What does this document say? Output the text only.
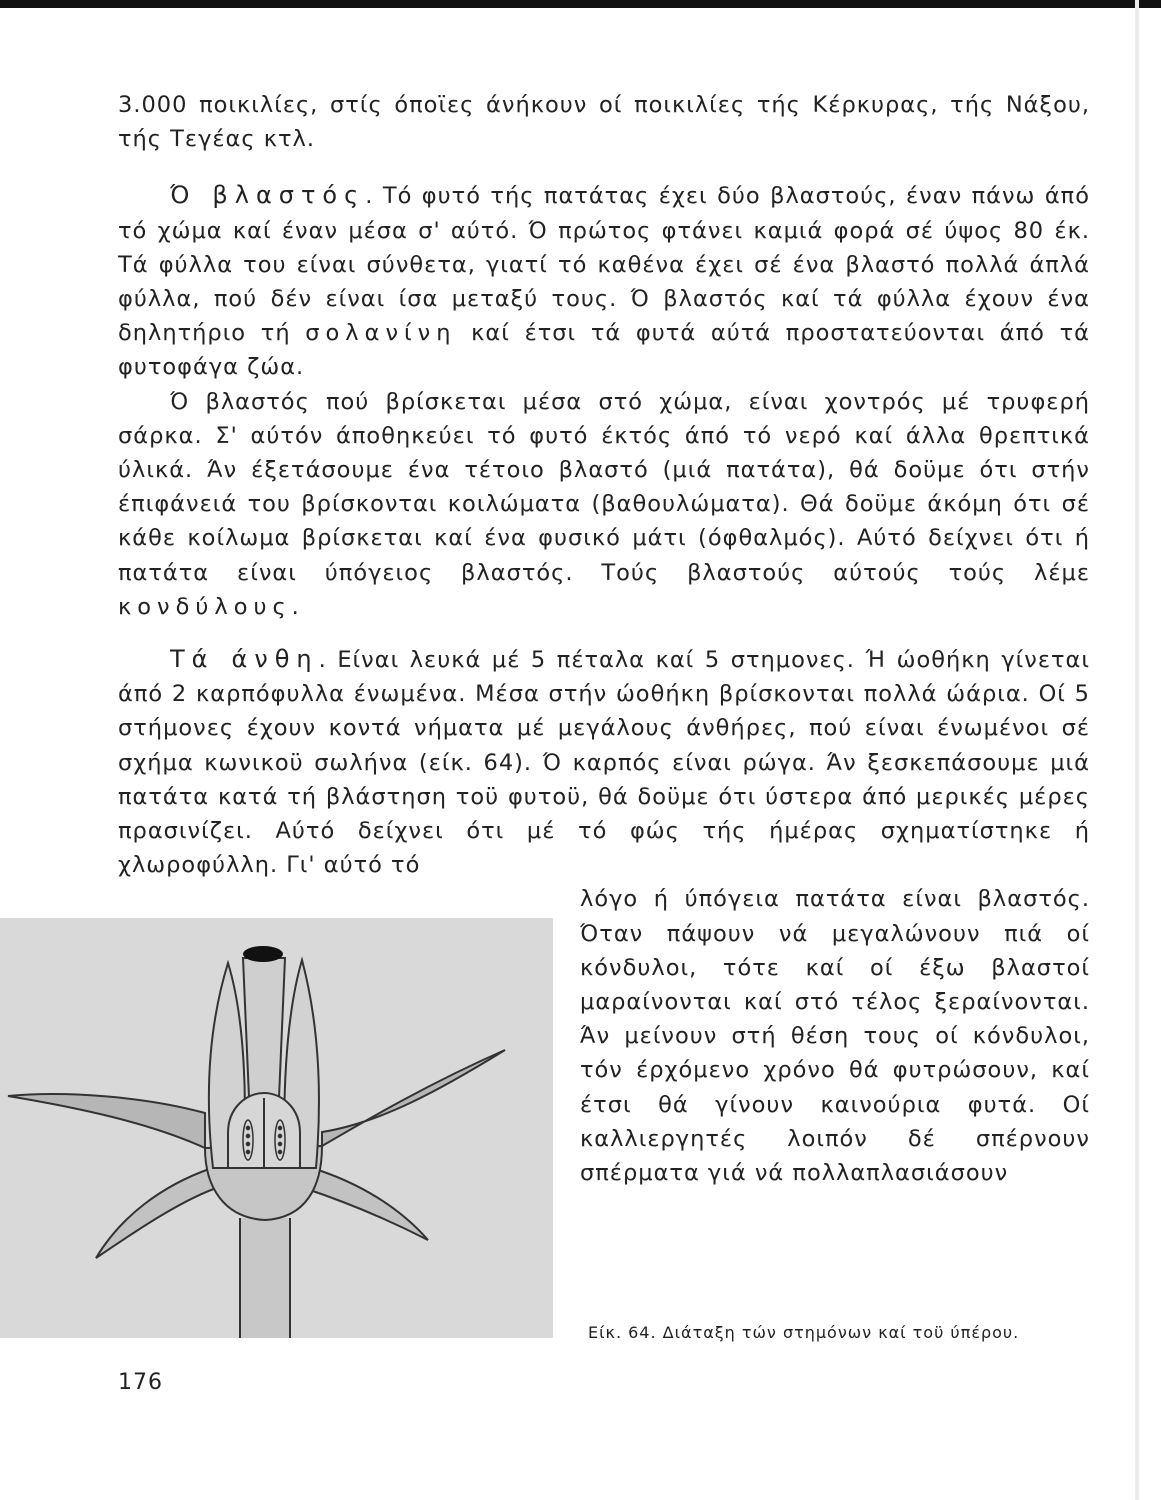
3.000 ποικιλίες, στίς όποϊες άνήκουν οί ποικιλίες τής Κέρκυρας, τής Νάξου, τής Τεγέας κτλ.

Ό βλαστός. Τό φυτό τής πατάτας έχει δύο βλαστούς, έναν πάνω άπό τό χώμα καί έναν μέσα σ' αύτό. Ό πρώτος φτάνει καμιά φορά σέ ύψος 80 έκ. Τά φύλλα του είναι σύνθετα, γιατί τό καθένα έχει σέ ένα βλαστό πολλά άπλά φύλλα, πού δέν είναι ίσα μεταξύ τους. Ό βλαστός καί τά φύλλα έχουν ένα δηλητήριο τή σολανίνη καί έτσι τά φυτά αύτά προστατεύονται άπό τά φυτοφάγα ζώα.

Ό βλαστός πού βρίσκεται μέσα στό χώμα, είναι χοντρός μέ τρυφερή σάρκα. Σ' αύτόν άποθηκεύει τό φυτό έκτός άπό τό νερό καί άλλα θρεπτικά ύλικά. Άν έξετάσουμε ένα τέτοιο βλαστό (μιά πατάτα), θά δοϋμε ότι στήν έπιφάνειά του βρίσκονται κοιλώματα (βαθουλώματα). Θά δοϋμε άκόμη ότι σέ κάθε κοίλωμα βρίσκεται καί ένα φυσικό μάτι (όφθαλμός). Αύτό δείχνει ότι ή πατάτα είναι ύπόγειος βλαστός. Τούς βλαστούς αύτούς τούς λέμε κονδύλους.

Τά άνθη. Είναι λευκά μέ 5 πέταλα καί 5 στημονες. Ή ώοθήκη γίνεται άπό 2 καρπόφυλλα ένωμένα. Μέσα στήν ώοθήκη βρίσκονται πολλά ώάρια. Οί 5 στήμονες έχουν κοντά νήματα μέ μεγάλους άνθήρες, πού είναι ένωμένοι σέ σχήμα κωνικοϋ σωλήνα (είκ. 64). Ό καρπός είναι ρώγα. Άν ξεσκεπάσουμε μιά πατάτα κατά τή βλάστηση τοϋ φυτοϋ, θά δοϋμε ότι ύστερα άπό μερικές μέρες πρασινίζει. Αύτό δείχνει ότι μέ τό φώς τής ήμέρας σχηματίστηκε ή χλωροφύλλη. Γι' αύτό τό

λόγο ή ύπόγεια πατάτα είναι βλαστός. Όταν πάψουν νά μεγαλώνουν πιά οί κόνδυλοι, τότε καί οί έξω βλαστοί μαραίνονται καί στό τέλος ξεραίνονται. Άν μείνουν στή θέση τους οί κόνδυλοι, τόν έρχόμενο χρόνο θά φυτρώσουν, καί έτσι θά γίνουν καινούρια φυτά. Οί καλλιεργητές λοιπόν δέ σπέρνουν σπέρματα γιά νά πολλαπλασιάσουν
Είκ. 64. Διάταξη τών στημόνων καί τοϋ ύπέρου.
176
